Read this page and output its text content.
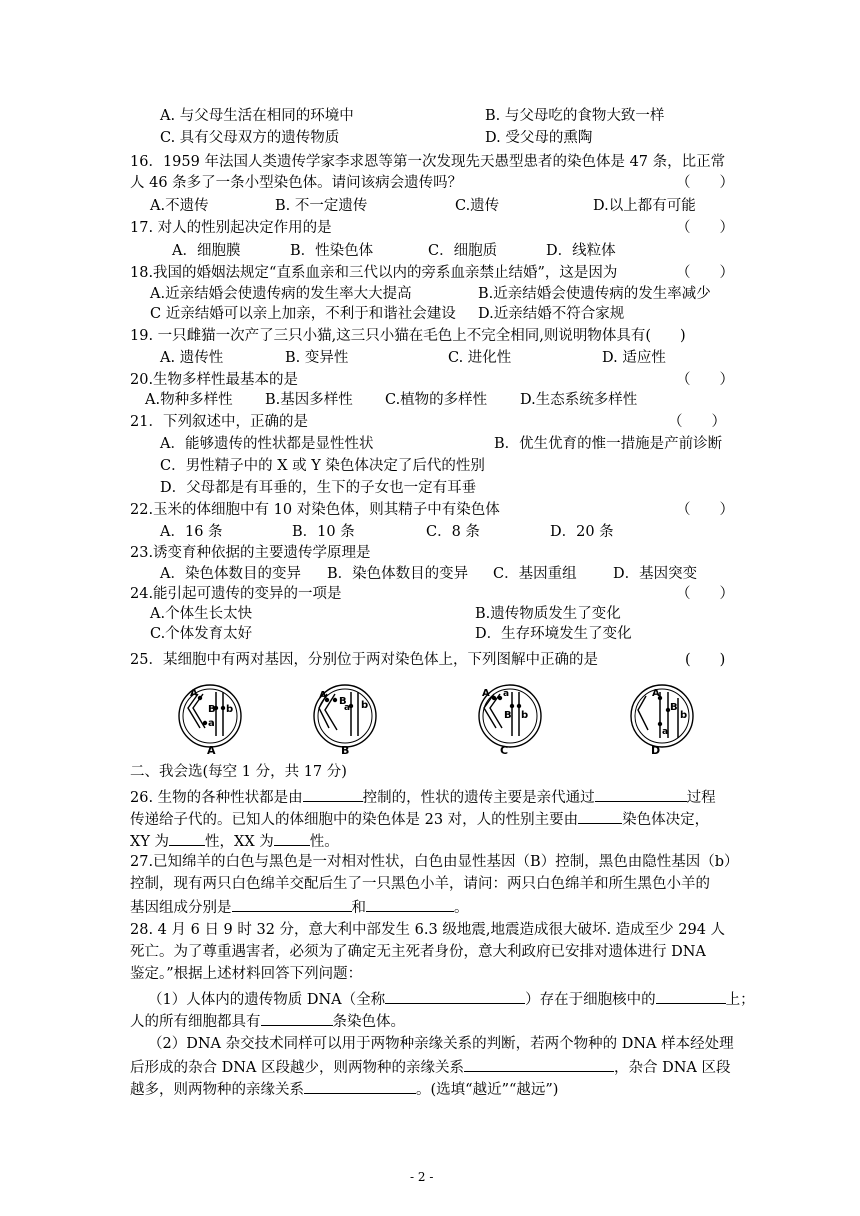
A. 与父母生活在相同的环境中	B. 与父母吃的食物大致一样
C. 具有父母双方的遗传物质	D. 受父母的熏陶
16．1959 年法国人类遗传学家李求恩等第一次发现先天愚型患者的染色体是 47 条，比正常
人 46 条多了一条小型染色体。请问该病会遗传吗？	（　　）
A.不遗传	B. 不一定遗传	C.遗传	D.以上都有可能
17. 对人的性别起决定作用的是	（　　）
A．细胞膜	B．性染色体	C．细胞质	D．线粒体
18.我国的婚姻法规定“直系血亲和三代以内的旁系血亲禁止结婚”，这是因为	（　　）
A.近亲结婚会使遗传病的发生率大大提高	B.近亲结婚会使遗传病的发生率减少
C 近亲结婚可以亲上加亲，不利于和谐社会建设 D.近亲结婚不符合家规
19. 一只雌猫一次产了三只小猫,这三只小猫在毛色上不完全相同,则说明物体具有(　　)
A. 遗传性	B. 变异性	C. 进化性	D. 适应性
20.生物多样性最基本的是	（　　）
A.物种多样性 B.基因多样性 C.植物的多样性 D.生态系统多样性
21．下列叙述中，正确的是	（　　）
A．能够遗传的性状都是显性性状	B．优生优育的惟一措施是产前诊断
C．男性精子中的 X 或 Y 染色体决定了后代的性别
D．父母都是有耳垂的，生下的子女也一定有耳垂
22.玉米的体细胞中有 10 对染色体，则其精子中有染色体	（　　）
A．16 条	B．10 条	C．8 条	D．20 条
23.诱变育种依据的主要遗传学原理是
A．染色体数目的变异 B．染色体数目的变异 C．基因重组	D．基因突变
24.能引起可遗传的变异的一项是	（　　）
A.个体生长太快	B.遗传物质发生了变化
C.个体发育太好	D．生存环境发生了变化
25．某细胞中有两对基因，分别位于两对染色体上，下列图解中正确的是	(　　)
A
a
B b
A
A
B
a b
B
A a
B b
C
A
B
a
b
D
二、我会选(每空 1 分，共 17 分)
26. 生物的各种性状都是由	控制的，性状的遗传主要是亲代通过	过程
传递给子代的。已知人的体细胞中的染色体是 23 对，人的性别主要由	染色体决定，
XY 为 性，XX 为 性。
27.已知绵羊的白色与黑色是一对相对性状，白色由显性基因（B）控制，黑色由隐性基因（b）
控制，现有两只白色绵羊交配后生了一只黑色小羊，请问：两只白色绵羊和所生黑色小羊的
基因组成分别是	和	。
28. 4 月 6 日 9 时 32 分，意大利中部发生 6.3 级地震,地震造成很大破坏. 造成至少 294 人
死亡。为了尊重遇害者，必须为了确定无主死者身份，意大利政府已安排对遗体进行 DNA
鉴定。”根据上述材料回答下列问题：
（1）人体内的遗传物质 DNA（全称	）存在于细胞核中的	上；
人的所有细胞都具有	条染色体。
（2）DNA 杂交技术同样可以用于两物种亲缘关系的判断，若两个物种的 DNA 样本经处理
后形成的杂合 DNA 区段越少，则两物种的亲缘关系	，杂合 DNA 区段
越多，则两物种的亲缘关系	。(选填“越近”“越远”)
- 2 -
